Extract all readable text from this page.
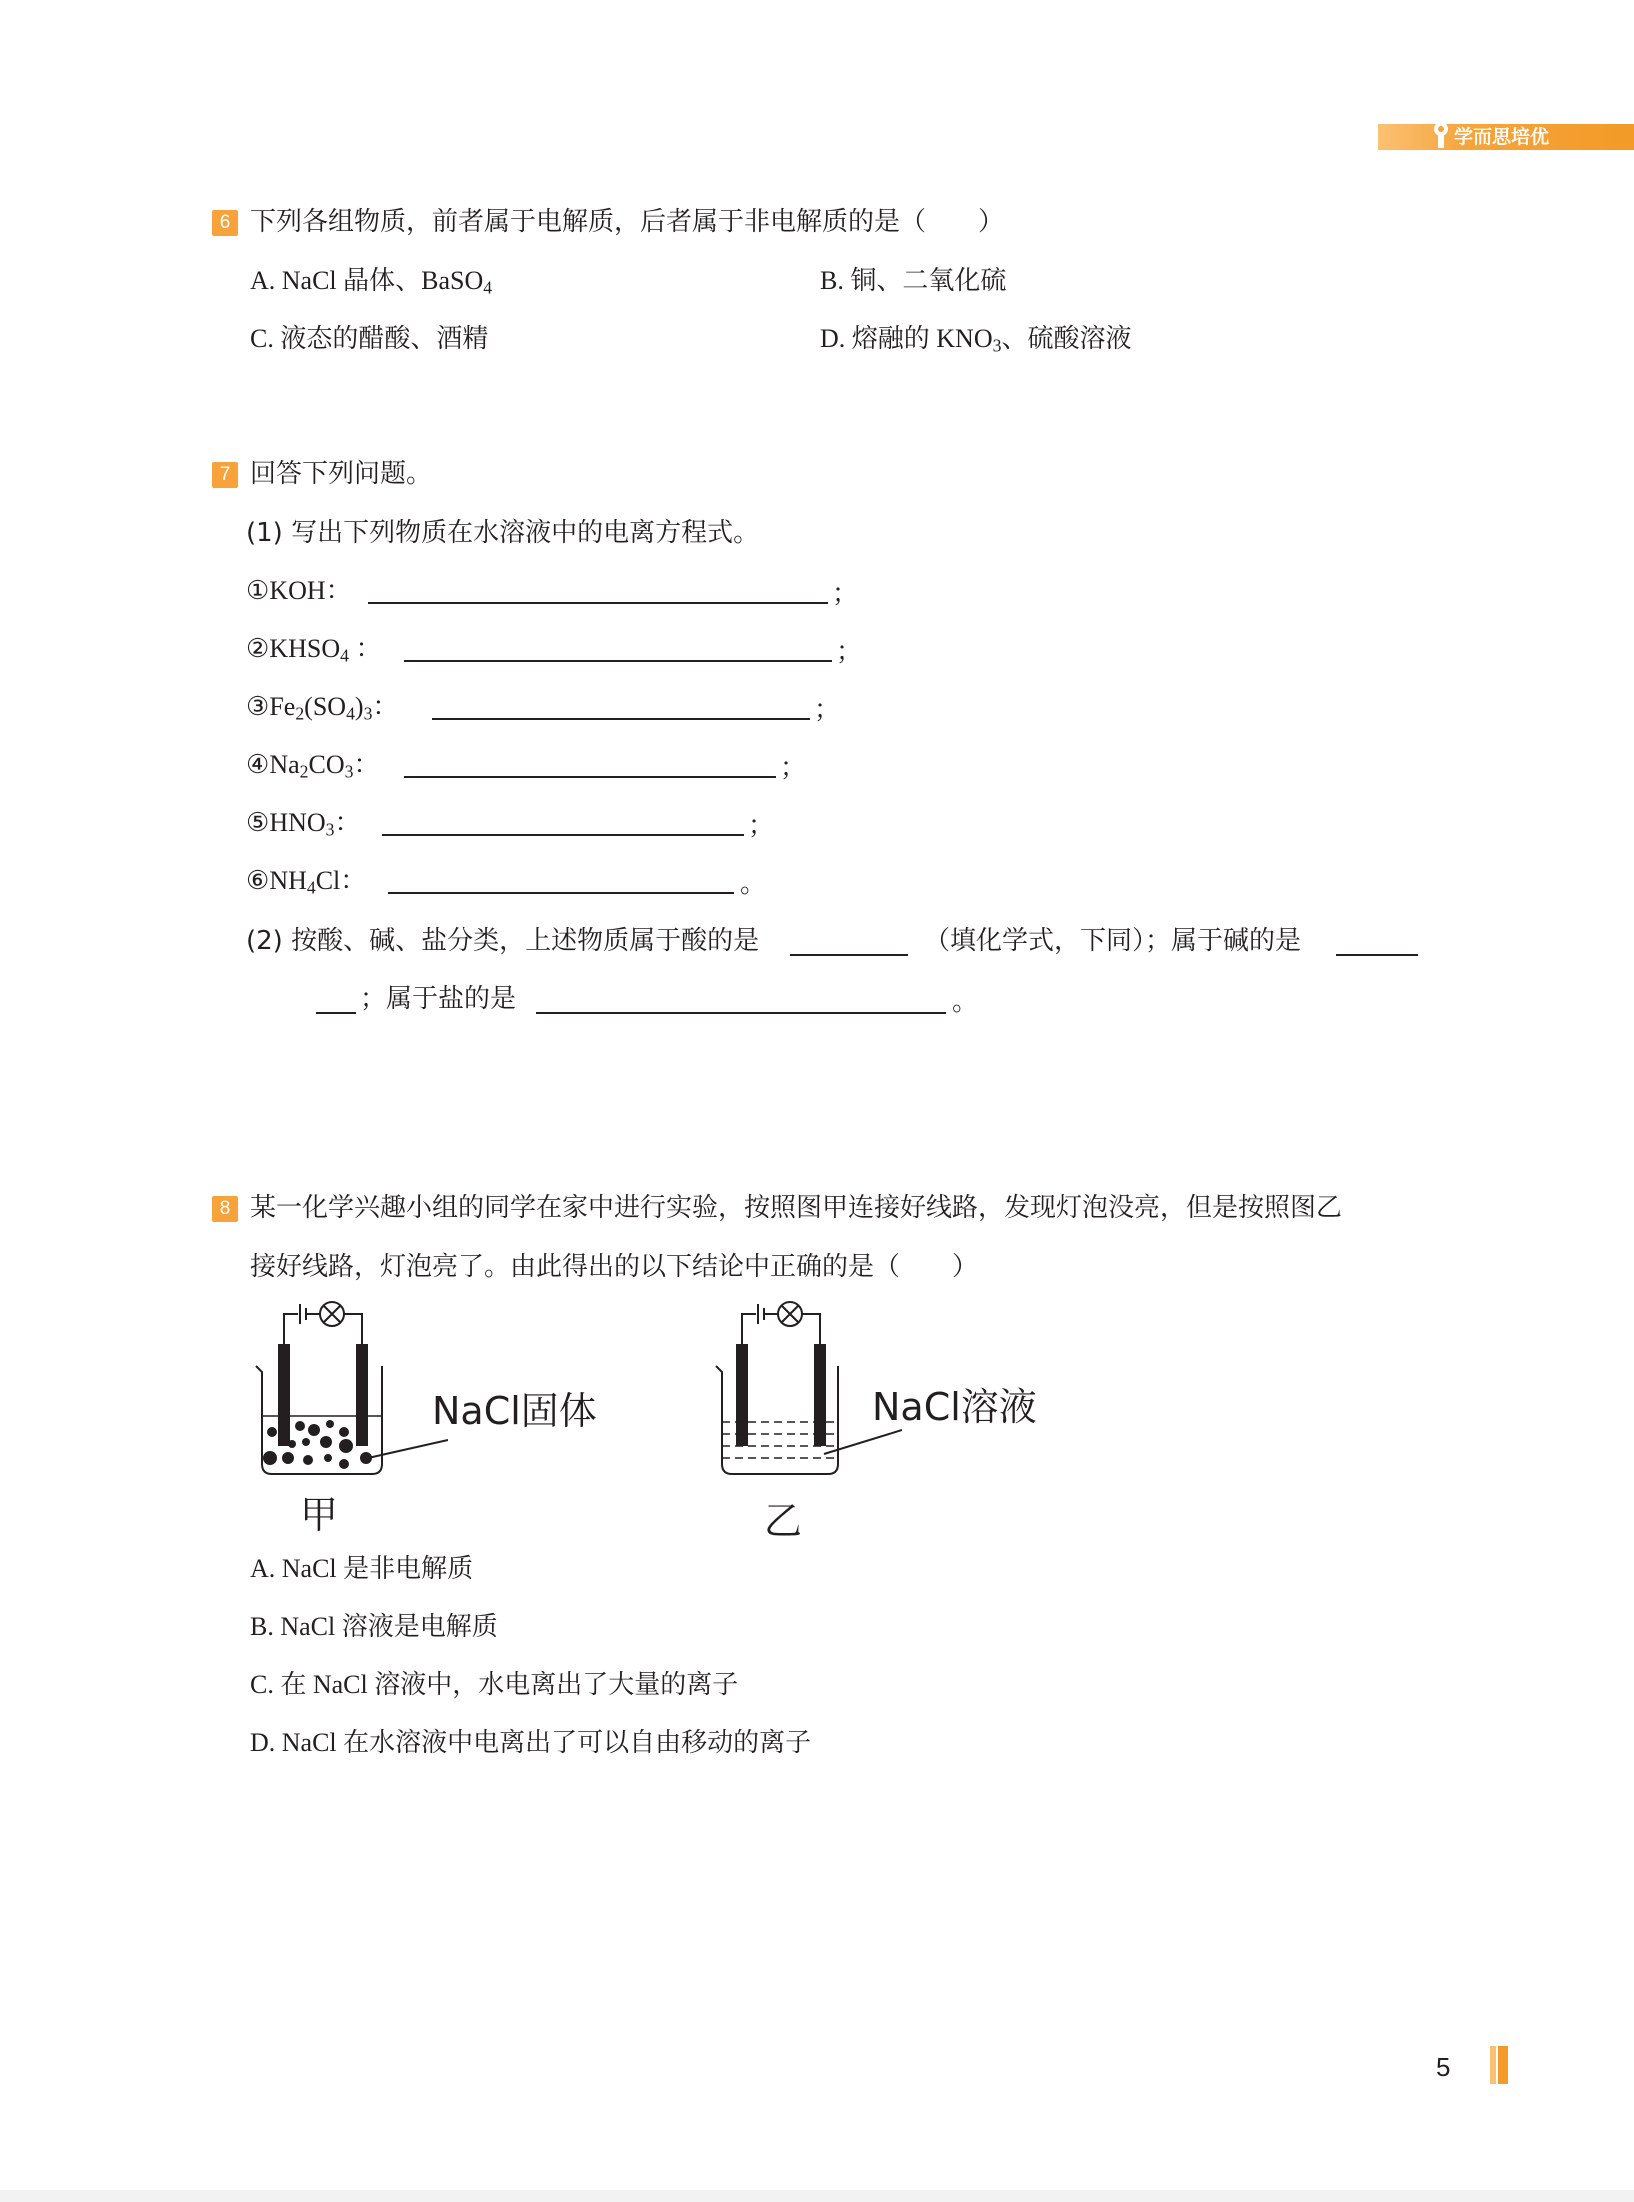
学而思培优
6 下列各组物质，前者属于电解质，后者属于非电解质的是（　　）
A. NaCl 晶体、BaSO$_4$	B. 铜、二氧化硫
C. 液态的醋酸、酒精	D. 熔融的 $KNO_3$、硫酸溶液
7 回答下列问题。
(1) 写出下列物质在水溶液中的电离方程式。
①KOH：	；
$②KHSO_4$ ：	；
$③Fe_2(SO_4)_3$：	；
$④Na_2CO_3$：	；
$⑤HNO_3$：	；
$⑥NH_4Cl$：	。
(2) 按酸、碱、盐分类，上述物质属于酸的是	（填化学式，下同）；属于碱的是
；属于盐的是	。
8 某一化学兴趣小组的同学在家中进行实验，按照图甲连接好线路，发现灯泡没亮，但是按照图乙
接好线路，灯泡亮了。由此得出的以下结论中正确的是（　　）
NaCl固体
甲
NaCl溶液
乙
A. NaCl 是非电解质
B. NaCl 溶液是电解质
C. 在 NaCl 溶液中，水电离出了大量的离子
D. NaCl 在水溶液中电离出了可以自由移动的离子
5
